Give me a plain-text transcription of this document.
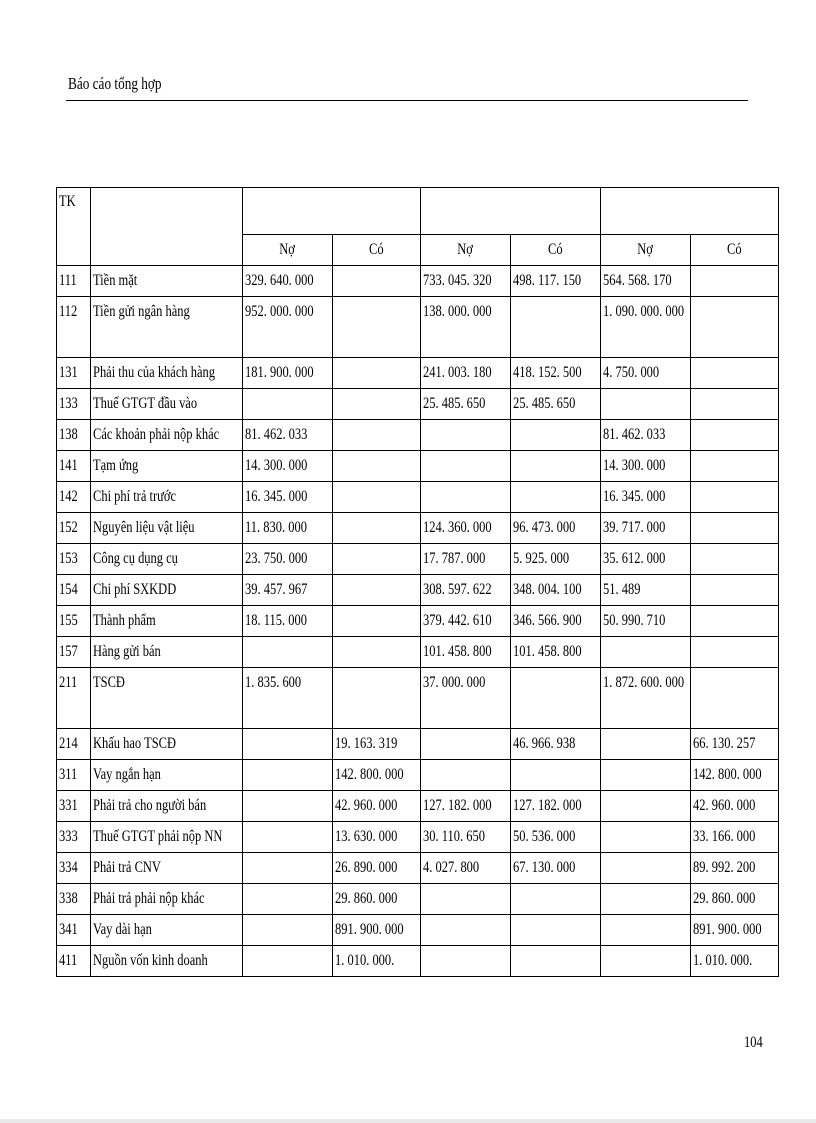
Báo cáo tổng hợp
TK							
		Nợ	Có	Nợ	Có	Nợ	Có
111	Tiền mặt	329. 640. 000		733. 045. 320	498. 117. 150	564. 568. 170	

112	Tiền gửi ngân hàng	952. 000. 000		138. 000. 000		1. 090. 000. 000	

131	Phải thu của khách hàng	181. 900. 000		241. 003. 180	418. 152. 500	4. 750. 000	
133	Thuế GTGT đầu vào			25. 485. 650	25. 485. 650		
138	Các khoản phải nộp khác	81. 462. 033				81. 462. 033	
141	Tạm ứng	14. 300. 000				14. 300. 000	
142	Chi phí trả trước	16. 345. 000				16. 345. 000	
152	Nguyên liệu vật liệu	11. 830. 000		124. 360. 000	96. 473. 000	39. 717. 000	
153	Công cụ dụng cụ	23. 750. 000		17. 787. 000	5. 925. 000	35. 612. 000	
154	Chi phí SXKDD	39. 457. 967		308. 597. 622	348. 004. 100	51. 489	
155	Thành phẩm	18. 115. 000		379. 442. 610	346. 566. 900	50. 990. 710	
157	Hàng gửi bán			101. 458. 800	101. 458. 800		

211	TSCĐ	1. 835. 600		37. 000. 000		1. 872. 600. 000	

214	Khấu hao TSCĐ		19. 163. 319		46. 966. 938		66. 130. 257
311	Vay ngắn hạn		142. 800. 000				142. 800. 000
331	Phải trả cho người bán		42. 960. 000	127. 182. 000	127. 182. 000		42. 960. 000
333	Thuế GTGT phải nộp NN		13. 630. 000	30. 110. 650	50. 536. 000		33. 166. 000
334	Phải trả CNV		26. 890. 000	4. 027. 800	67. 130. 000		89. 992. 200
338	Phải trả phải nộp khác		29. 860. 000				29. 860. 000
341	Vay dài hạn		891. 900. 000				891. 900. 000
411	Nguồn vốn kinh doanh		1. 010. 000.				1. 010. 000.
104
